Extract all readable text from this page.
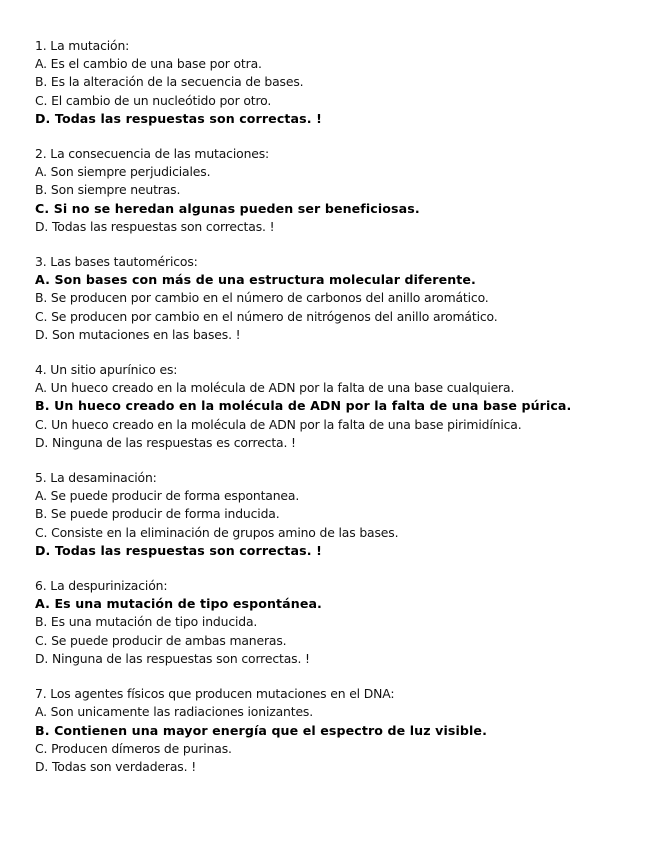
1. La mutación:
A. Es el cambio de una base por otra.
B. Es la alteración de la secuencia de bases.
C. El cambio de un nucleótido por otro.
D. Todas las respuestas son correctas. !
2. La consecuencia de las mutaciones:
A. Son siempre perjudiciales.
B. Son siempre neutras.
C. Si no se heredan algunas pueden ser beneficiosas.
D. Todas las respuestas son correctas. !
3. Las bases tautoméricos:
A. Son bases con más de una estructura molecular diferente.
B. Se producen por cambio en el número de carbonos del anillo aromático.
C. Se producen por cambio en el número de nitrógenos del anillo aromático.
D. Son mutaciones en las bases. !
4. Un sitio apurínico es:
A. Un hueco creado en la molécula de ADN por la falta de una base cualquiera.
B. Un hueco creado en la molécula de ADN por la falta de una base púrica.
C. Un hueco creado en la molécula de ADN por la falta de una base pirimidínica.
D. Ninguna de las respuestas es correcta. !
5. La desaminación:
A. Se puede producir de forma espontanea.
B. Se puede producir de forma inducida.
C. Consiste en la eliminación de grupos amino de las bases.
D. Todas las respuestas son correctas. !
6. La despurinización:
A. Es una mutación de tipo espontánea.
B. Es una mutación de tipo inducida.
C. Se puede producir de ambas maneras.
D. Ninguna de las respuestas son correctas. !
7. Los agentes físicos que producen mutaciones en el DNA:
A. Son unicamente las radiaciones ionizantes.
B. Contienen una mayor energía que el espectro de luz visible.
C. Producen dímeros de purinas.
D. Todas son verdaderas. !
